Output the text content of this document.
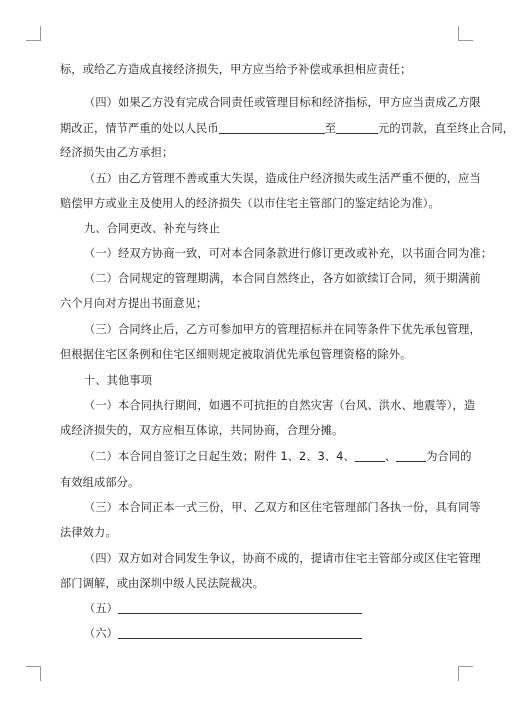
标，或给乙方造成直接经济损失，甲方应当给予补偿或承担相应责任；
（四）如果乙方没有完成合同责任或管理目标和经济指标，甲方应当责成乙方限
期改正，情节严重的处以人民币	至	元的罚款，直至终止合同，
经济损失由乙方承担；
（五）由乙方管理不善或重大失误，造成住户经济损失或生活严重不便的，应当
赔偿甲方或业主及使用人的经济损失（以市住宅主管部门的鉴定结论为准）。
九、合同更改、补充与终止
（一）经双方协商一致，可对本合同条款进行修订更改或补充，以书面合同为准；
（二）合同规定的管理期满，本合同自然终止，各方如欲续订合同，须于期满前
六个月向对方提出书面意见；
（三）合同终止后，乙方可参加甲方的管理招标并在同等条件下优先承包管理，
但根据住宅区条例和住宅区细则规定被取消优先承包管理资格的除外。
十、其他事项
（一）本合同执行期间，如遇不可抗拒的自然灾害（台风、洪水、地震等），造
成经济损失的，双方应相互体谅，共同协商，合理分摊。
（二）本合同自签订之日起生效；附件 1、2、3、4、	、	为合同的
有效组成部分。
（三）本合同正本一式三份，甲、乙双方和区住宅管理部门各执一份，具有同等
法律效力。
（四）双方如对合同发生争议，协商不成的，提请市住宅主管部分或区住宅管理
部门调解，或由深圳中级人民法院裁决。
（五）
（六）
